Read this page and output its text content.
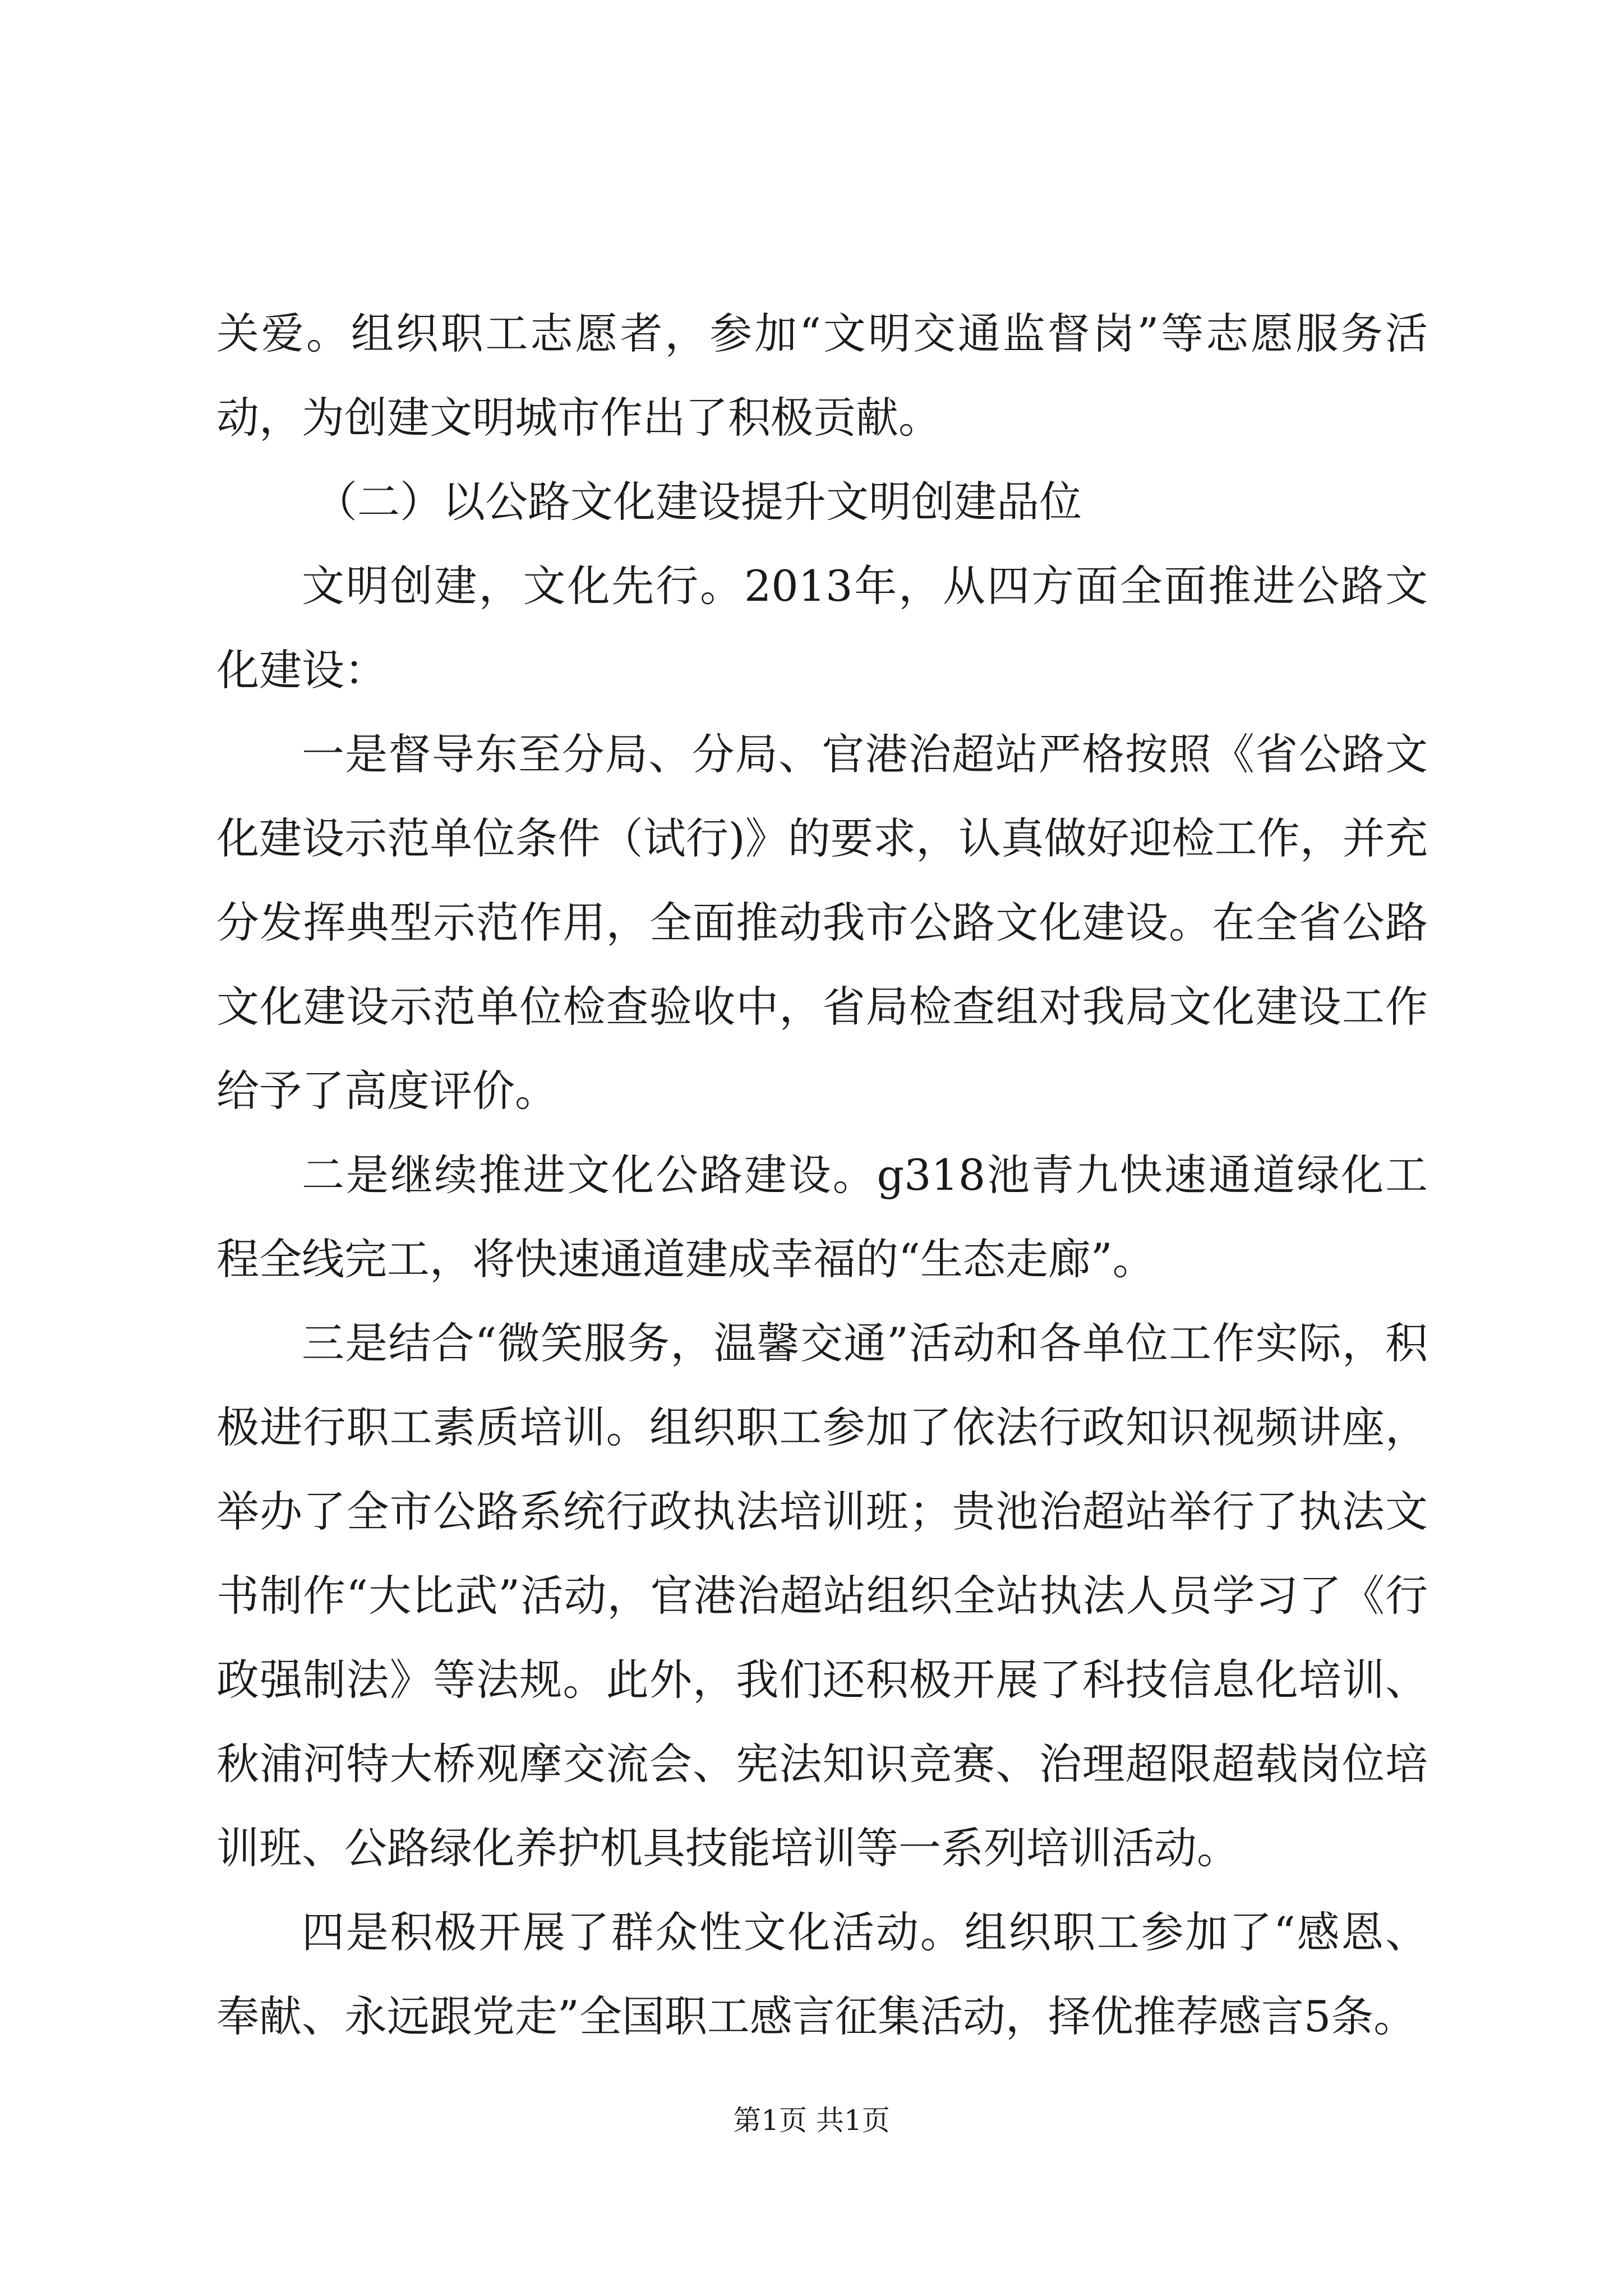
关爱。组织职工志愿者，参加“文明交通监督岗”等志愿服务活动，为创建文明城市作出了积极贡献。

（二）以公路文化建设提升文明创建品位

文明创建，文化先行。2013年，从四方面全面推进公路文化建设：

一是督导东至分局、分局、官港治超站严格按照《省公路文化建设示范单位条件（试行)》的要求，认真做好迎检工作，并充分发挥典型示范作用，全面推动我市公路文化建设。在全省公路文化建设示范单位检查验收中，省局检查组对我局文化建设工作给予了高度评价。

二是继续推进文化公路建设。g318池青九快速通道绿化工程全线完工，将快速通道建成幸福的“生态走廊”。

三是结合“微笑服务，温馨交通”活动和各单位工作实际，积极进行职工素质培训。组织职工参加了依法行政知识视频讲座，举办了全市公路系统行政执法培训班；贵池治超站举行了执法文书制作“大比武”活动，官港治超站组织全站执法人员学习了《行政强制法》等法规。此外，我们还积极开展了科技信息化培训、秋浦河特大桥观摩交流会、宪法知识竞赛、治理超限超载岗位培训班、公路绿化养护机具技能培训等一系列培训活动。

四是积极开展了群众性文化活动。组织职工参加了“感恩、奉献、永远跟党走”全国职工感言征集活动，择优推荐感言5条。

第1页 共1页
